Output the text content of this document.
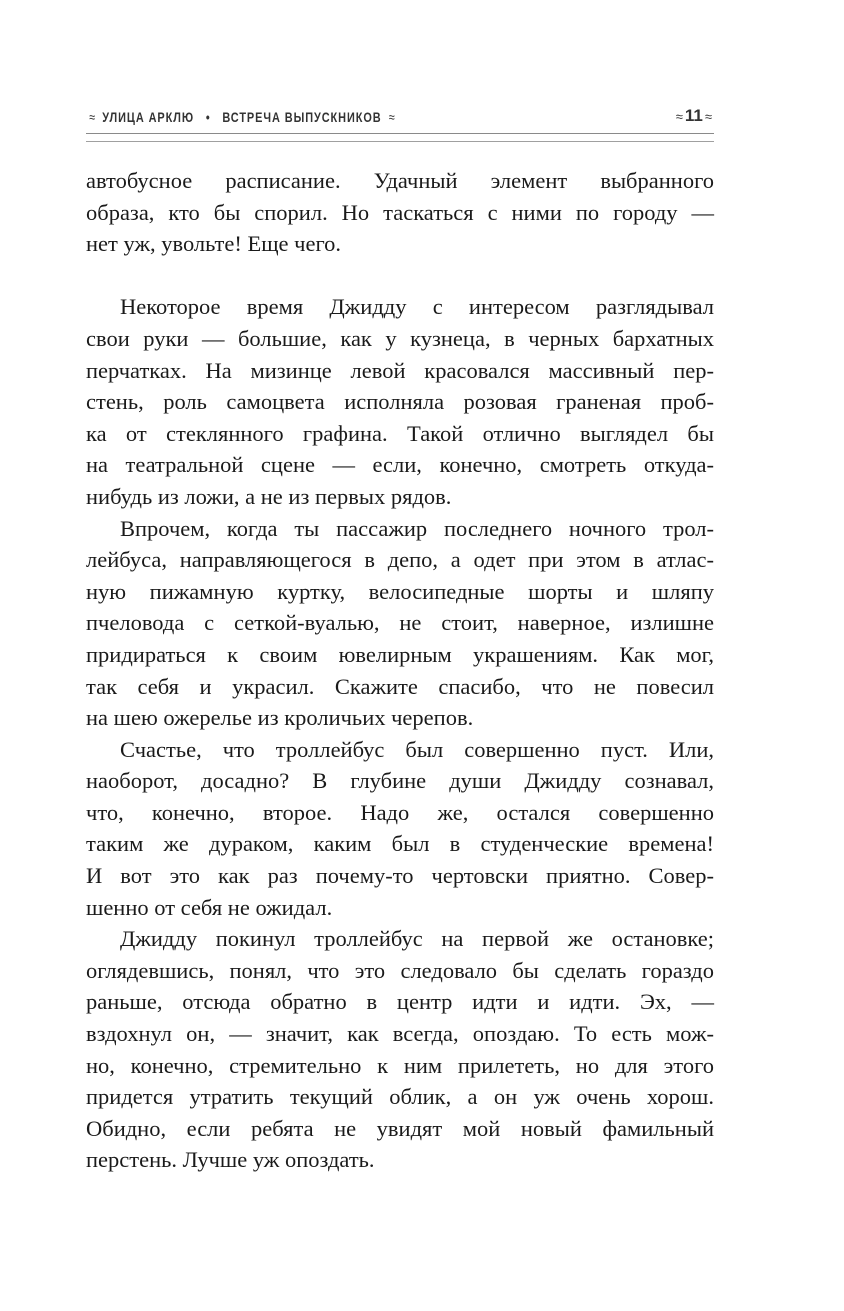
≈ УЛИЦА АРКЛЮ • ВСТРЕЧА ВЫПУСКНИКОВ ≈	≈ 11 ≈

автобусное расписание. Удачный элемент выбранного
образа, кто бы спорил. Но таскаться с ними по городу —
нет уж, увольте! Еще чего.

Некоторое время Джидду с интересом разглядывал
свои руки — большие, как у кузнеца, в черных бархатных
перчатках. На мизинце левой красовался массивный пер-
стень, роль самоцвета исполняла розовая граненая проб-
ка от стеклянного графина. Такой отлично выглядел бы
на театральной сцене — если, конечно, смотреть откуда-
нибудь из ложи, а не из первых рядов.

Впрочем, когда ты пассажир последнего ночного трол-
лейбуса, направляющегося в депо, а одет при этом в атлас-
ную пижамную куртку, велосипедные шорты и шляпу
пчеловода с сеткой-вуалью, не стоит, наверное, излишне
придираться к своим ювелирным украшениям. Как мог,
так себя и украсил. Скажите спасибо, что не повесил
на шею ожерелье из кроличьих черепов.

Счастье, что троллейбус был совершенно пуст. Или,
наоборот, досадно? В глубине души Джидду сознавал,
что, конечно, второе. Надо же, остался совершенно
таким же дураком, каким был в студенческие времена!
И вот это как раз почему-то чертовски приятно. Совер-
шенно от себя не ожидал.

Джидду покинул троллейбус на первой же остановке;
оглядевшись, понял, что это следовало бы сделать гораздо
раньше, отсюда обратно в центр идти и идти. Эх, —
вздохнул он, — значит, как всегда, опоздаю. То есть мож-
но, конечно, стремительно к ним прилететь, но для этого
придется утратить текущий облик, а он уж очень хорош.
Обидно, если ребята не увидят мой новый фамильный
перстень. Лучше уж опоздать.
